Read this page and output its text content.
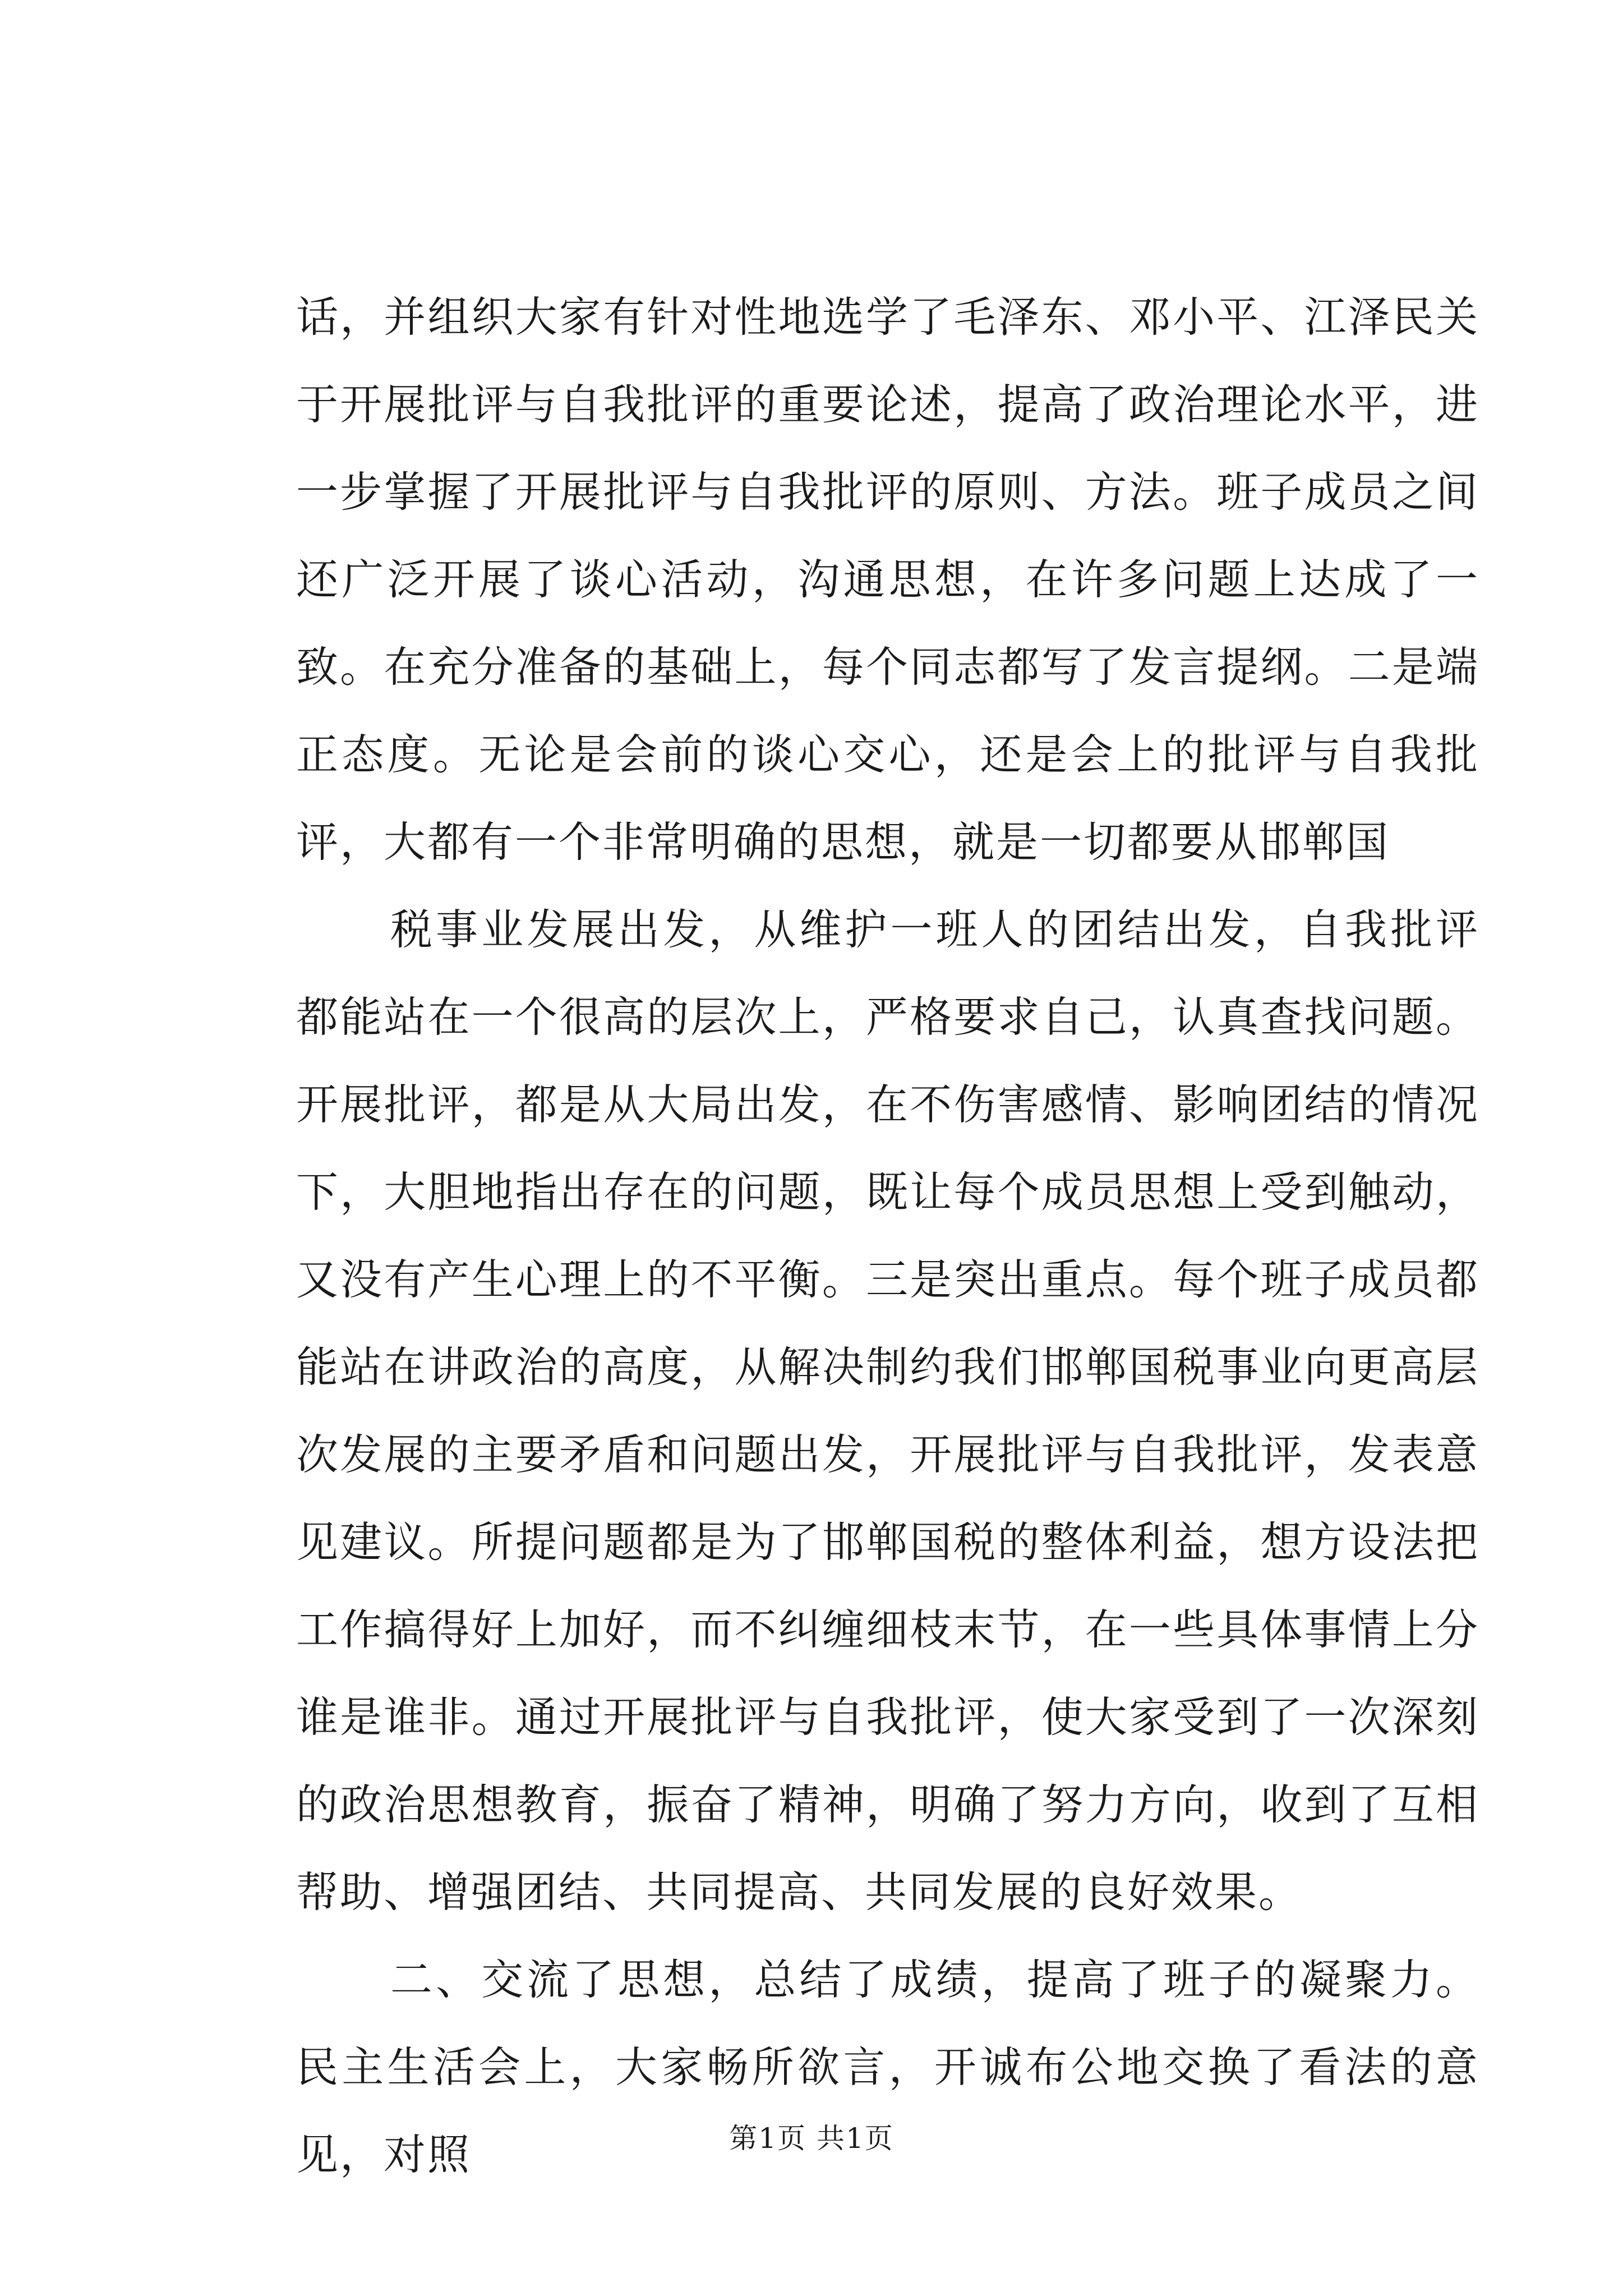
话，并组织大家有针对性地选学了毛泽东、邓小平、江泽民关于开展批评与自我批评的重要论述，提高了政治理论水平，进一步掌握了开展批评与自我批评的原则、方法。班子成员之间还广泛开展了谈心活动，沟通思想，在许多问题上达成了一致。在充分准备的基础上，每个同志都写了发言提纲。二是端正态度。无论是会前的谈心交心，还是会上的批评与自我批评，大都有一个非常明确的思想，就是一切都要从邯郸国

税事业发展出发，从维护一班人的团结出发，自我批评都能站在一个很高的层次上，严格要求自己，认真查找问题。开展批评，都是从大局出发，在不伤害感情、影响团结的情况下，大胆地指出存在的问题，既让每个成员思想上受到触动，又没有产生心理上的不平衡。三是突出重点。每个班子成员都能站在讲政治的高度，从解决制约我们邯郸国税事业向更高层次发展的主要矛盾和问题出发，开展批评与自我批评，发表意见建议。所提问题都是为了邯郸国税的整体利益，想方设法把工作搞得好上加好，而不纠缠细枝末节，在一些具体事情上分谁是谁非。通过开展批评与自我批评，使大家受到了一次深刻的政治思想教育，振奋了精神，明确了努力方向，收到了互相帮助、增强团结、共同提高、共同发展的良好效果。

二、交流了思想，总结了成绩，提高了班子的凝聚力。民主生活会上，大家畅所欲言，开诚布公地交换了看法的意见，对照	第1页 共1页
